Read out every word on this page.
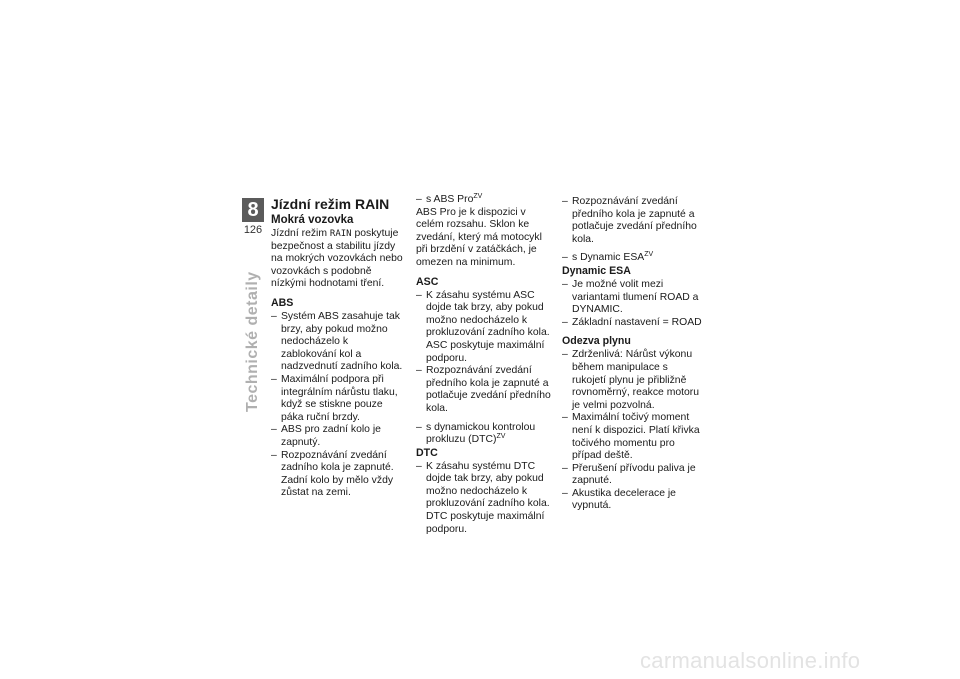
8
126
Technické detaily
Jízdní režim RAIN
Mokrá vozovka

Jízdní režim RAIN poskytuje bezpečnost a stabilitu jízdy na mokrých vozovkách nebo vozovkách s podobně nízkými hodnotami tření.

ABS
– Systém ABS zasahuje tak brzy, aby pokud možno nedocházelo k zablokování kol a nadzvednutí zadního kola.
– Maximální podpora při integrálním nárůstu tlaku, když se stiskne pouze páka ruční brzdy.
– ABS pro zadní kolo je zapnutý.
– Rozpoznávání zvedání zadního kola je zapnuté. Zadní kolo by mělo vždy zůstat na zemi.
– s ABS Pro$^{ZV}$

ABS Pro je k dispozici v celém rozsahu. Sklon ke zvedání, který má motocykl při brzdění v zatáčkách, je omezen na minimum.

ASC
– K zásahu systému ASC dojde tak brzy, aby pokud možno nedocházelo k prokluzování zadního kola. ASC poskytuje maximální podporu.
– Rozpoznávání zvedání předního kola je zapnuté a potlačuje zvedání předního kola.
– s dynamickou kontrolou prokluzu (DTC)$^{ZV}$
DTC
– K zásahu systému DTC dojde tak brzy, aby pokud možno nedocházelo k prokluzování zadního kola. DTC poskytuje maximální podporu.
– Rozpoznávání zvedání předního kola je zapnuté a potlačuje zvedání předního kola.
– s Dynamic $ESA^{ZV}$
Dynamic ESA
– Je možné volit mezi variantami tlumení ROAD a DYNAMIC.
– Základní nastavení = ROAD
Odezva plynu
– Zdrženlivá: Nárůst výkonu během manipulace s rukojetí plynu je přibližně rovnoměrný, reakce motoru je velmi pozvolná.
– Maximální točivý moment není k dispozici. Platí křivka točivého momentu pro případ deště.
– Přerušení přívodu paliva je zapnuté.
– Akustika decelerace je vypnutá.
carmanualsonline.info
